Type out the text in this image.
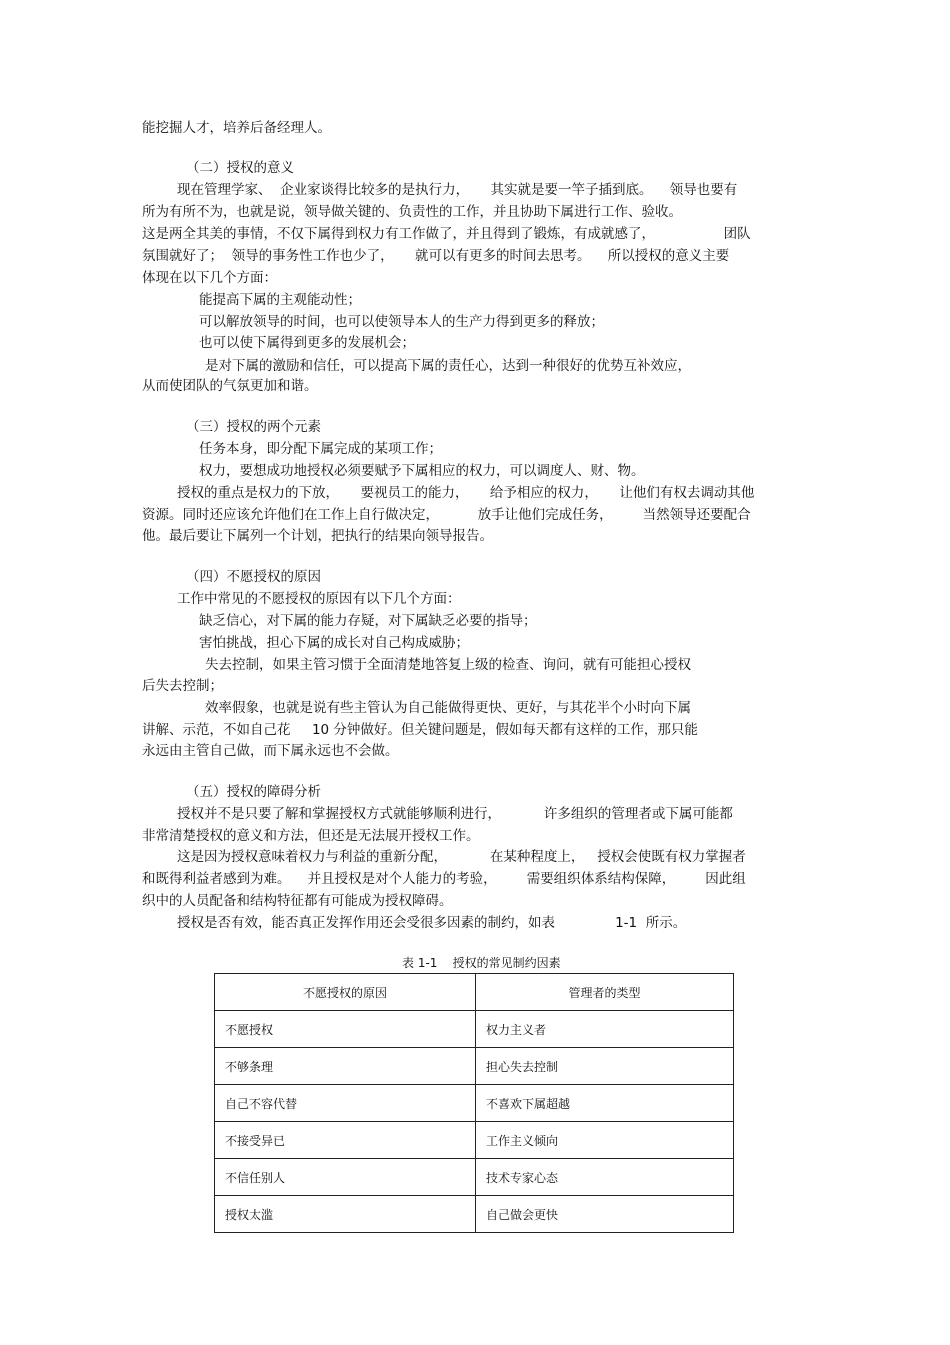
能挖掘人才，培养后备经理人。
（二）授权的意义
现在管理学家、  企业家谈得比较多的是执行力，     其实就是要一竿子插到底。    领导也要有
所为有所不为，也就是说，领导做关键的、负责性的工作，并且协助下属进行工作、验收。
这是两全其美的事情，不仅下属得到权力有工作做了，并且得到了锻炼，有成就感了，                团队
氛围就好了；  领导的事务性工作也少了，     就可以有更多的时间去思考。    所以授权的意义主要
体现在以下几个方面：
能提高下属的主观能动性；
可以解放领导的时间，也可以使领导本人的生产力得到更多的释放；
也可以使下属得到更多的发展机会；
是对下属的激励和信任，可以提高下属的责任心，达到一种很好的优势互补效应，
从而使团队的气氛更加和谐。
（三）授权的两个元素
任务本身，即分配下属完成的某项工作；
权力，要想成功地授权必须要赋予下属相应的权力，可以调度人、财、物。
授权的重点是权力的下放，     要视员工的能力，     给予相应的权力，     让他们有权去调动其他
资源。同时还应该允许他们在工作上自行做决定，         放手让他们完成任务，       当然领导还要配合
他。最后要让下属列一个计划，把执行的结果向领导报告。
（四）不愿授权的原因
工作中常见的不愿授权的原因有以下几个方面：
缺乏信心，对下属的能力存疑，对下属缺乏必要的指导；
害怕挑战，担心下属的成长对自己构成威胁；
失去控制，如果主管习惯于全面清楚地答复上级的检查、询问，就有可能担心授权
后失去控制；
效率假象，也就是说有些主管认为自己能做得更快、更好，与其花半个小时向下属
讲解、示范，不如自己花     10 分钟做好。但关键问题是，假如每天都有这样的工作，那只能
永远由主管自己做，而下属永远也不会做。
（五）授权的障碍分析
授权并不是只要了解和掌握授权方式就能够顺利进行，          许多组织的管理者或下属可能都
非常清楚授权的意义和方法，但还是无法展开授权工作。
这是因为授权意味着权力与利益的重新分配，          在某种程度上，   授权会使既有权力掌握者
和既得利益者感到为难。    并且授权是对个人能力的考验，       需要组织体系结构保障，       因此组
织中的人员配备和结构特征都有可能成为授权障碍。
授权是否有效，能否真正发挥作用还会受很多因素的制约，如表              1-1  所示。
表 1-1    授权的常见制约因素
不愿授权的原因	管理者的类型
不愿授权	权力主义者
不够条理	担心失去控制
自己不容代替	不喜欢下属超越
不接受异已	工作主义倾向
不信任别人	技术专家心态
授权太滥	自己做会更快
